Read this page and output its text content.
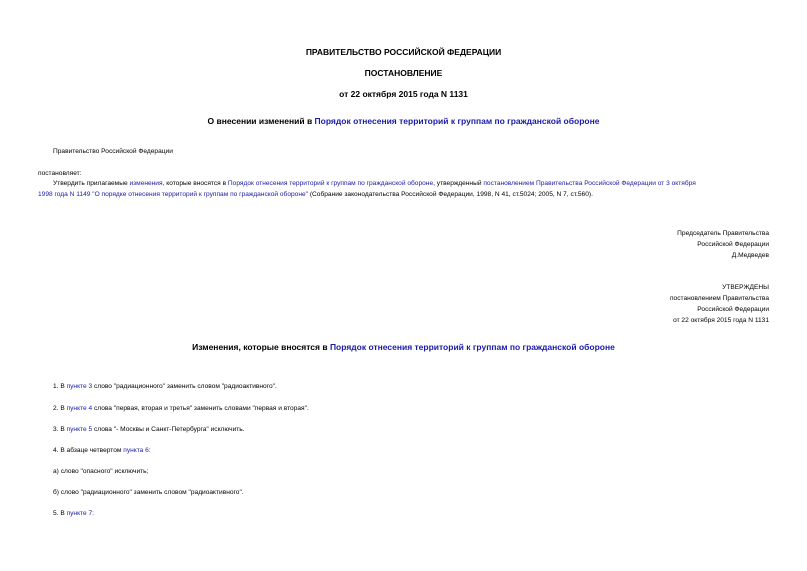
ПРАВИТЕЛЬСТВО РОССИЙСКОЙ ФЕДЕРАЦИИ
ПОСТАНОВЛЕНИЕ
от 22 октября 2015 года N 1131
О внесении изменений в Порядок отнесения территорий к группам по гражданской обороне
Правительство Российской Федерации
постановляет:
Утвердить прилагаемые изменения, которые вносятся в Порядок отнесения территорий к группам по гражданской обороне, утвержденный постановлением Правительства Российской Федерации от 3 октября
1998 года N 1149 "О порядке отнесения территорий к группам по гражданской обороне" (Собрание законодательства Российской Федерации, 1998, N 41, ст.5024; 2005, N 7, ст.560).
Председатель Правительства
Российской Федерации
Д.Медведев
УТВЕРЖДЕНЫ
постановлением Правительства
Российской Федерации
от 22 октября 2015 года N 1131
Изменения, которые вносятся в Порядок отнесения территорий к группам по гражданской обороне
1. В пункте 3 слово "радиационного" заменить словом "радиоактивного".
2. В пункте 4 слова "первая, вторая и третья" заменить словами "первая и вторая".
3. В пункте 5 слова "- Москвы и Санкт-Петербурга" исключить.
4. В абзаце четвертом пункта 6:
а) слово "опасного" исключить;
б) слово "радиационного" заменить словом "радиоактивного".
5. В пункте 7:
